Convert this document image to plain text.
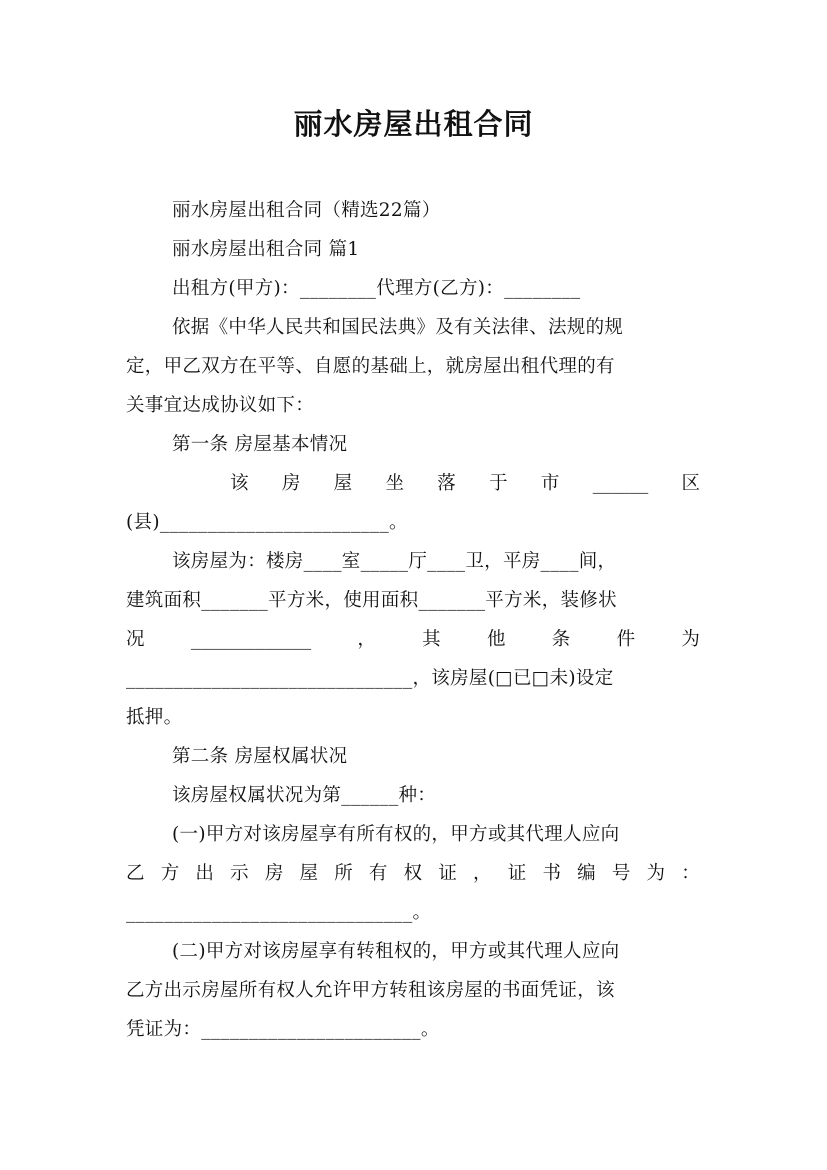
丽水房屋出租合同
丽水房屋出租合同（精选22篇）
丽水房屋出租合同 篇1
出租方(甲方)：________代理方(乙方)：________
依据《中华人民共和国民法典》及有关法律、法规的规
定，甲乙双方在平等、自愿的基础上，就房屋出租代理的有
关事宜达成协议如下：
第一条 房屋基本情况
该 房 屋 坐 落 于 市 ______ 区
(县)________________________。
该房屋为：楼房____室_____厅____卫，平房____间，
建筑面积_______平方米，使用面积_______平方米，装修状
况	_____________	，	其	他	条	件	为
______________________________，该房屋(□已□未)设定
抵押。
第二条 房屋权属状况
该房屋权属状况为第______种：
(一)甲方对该房屋享有所有权的，甲方或其代理人应向
乙 方 出 示 房 屋 所 有 权 证 ， 证 书 编 号 为 ：
______________________________。
(二)甲方对该房屋享有转租权的，甲方或其代理人应向
乙方出示房屋所有权人允许甲方转租该房屋的书面凭证，该
凭证为：_______________________。
